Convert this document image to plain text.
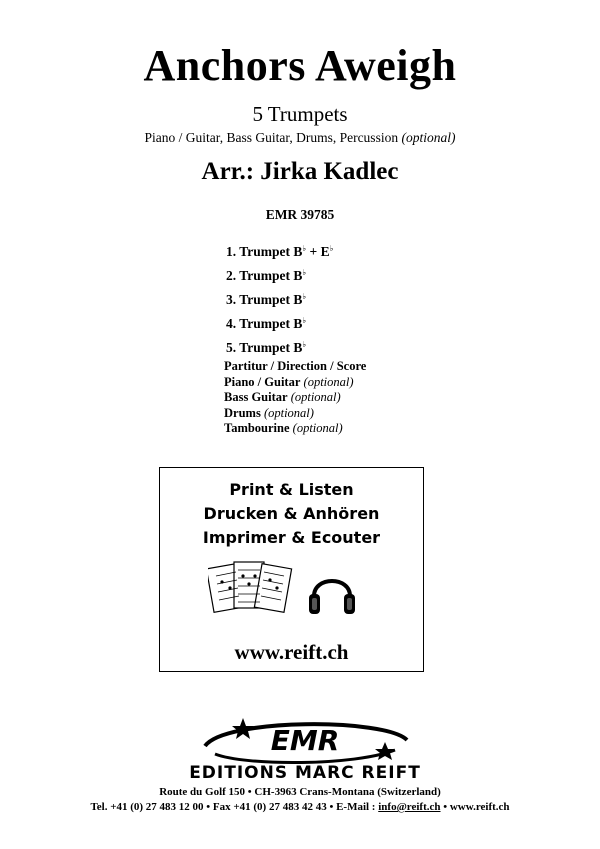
Anchors Aweigh
5 Trumpets
Piano / Guitar, Bass Guitar, Drums, Percussion (optional)
Arr.: Jirka Kadlec
EMR 39785
1. Trumpet B♭ + E♭
2. Trumpet B♭
3. Trumpet B♭
4. Trumpet B♭
5. Trumpet B♭
Partitur / Direction / Score
Piano / Guitar (optional)
Bass Guitar (optional)
Drums (optional)
Tambourine (optional)
Print & Listen
Drucken & Anhören
Imprimer & Ecouter
www.reift.ch
EMR
EDITIONS MARC REIFT
Route du Golf 150 • CH-3963 Crans-Montana (Switzerland)
Tel. +41 (0) 27 483 12 00 • Fax +41 (0) 27 483 42 43 • E-Mail : info@reift.ch • www.reift.ch
